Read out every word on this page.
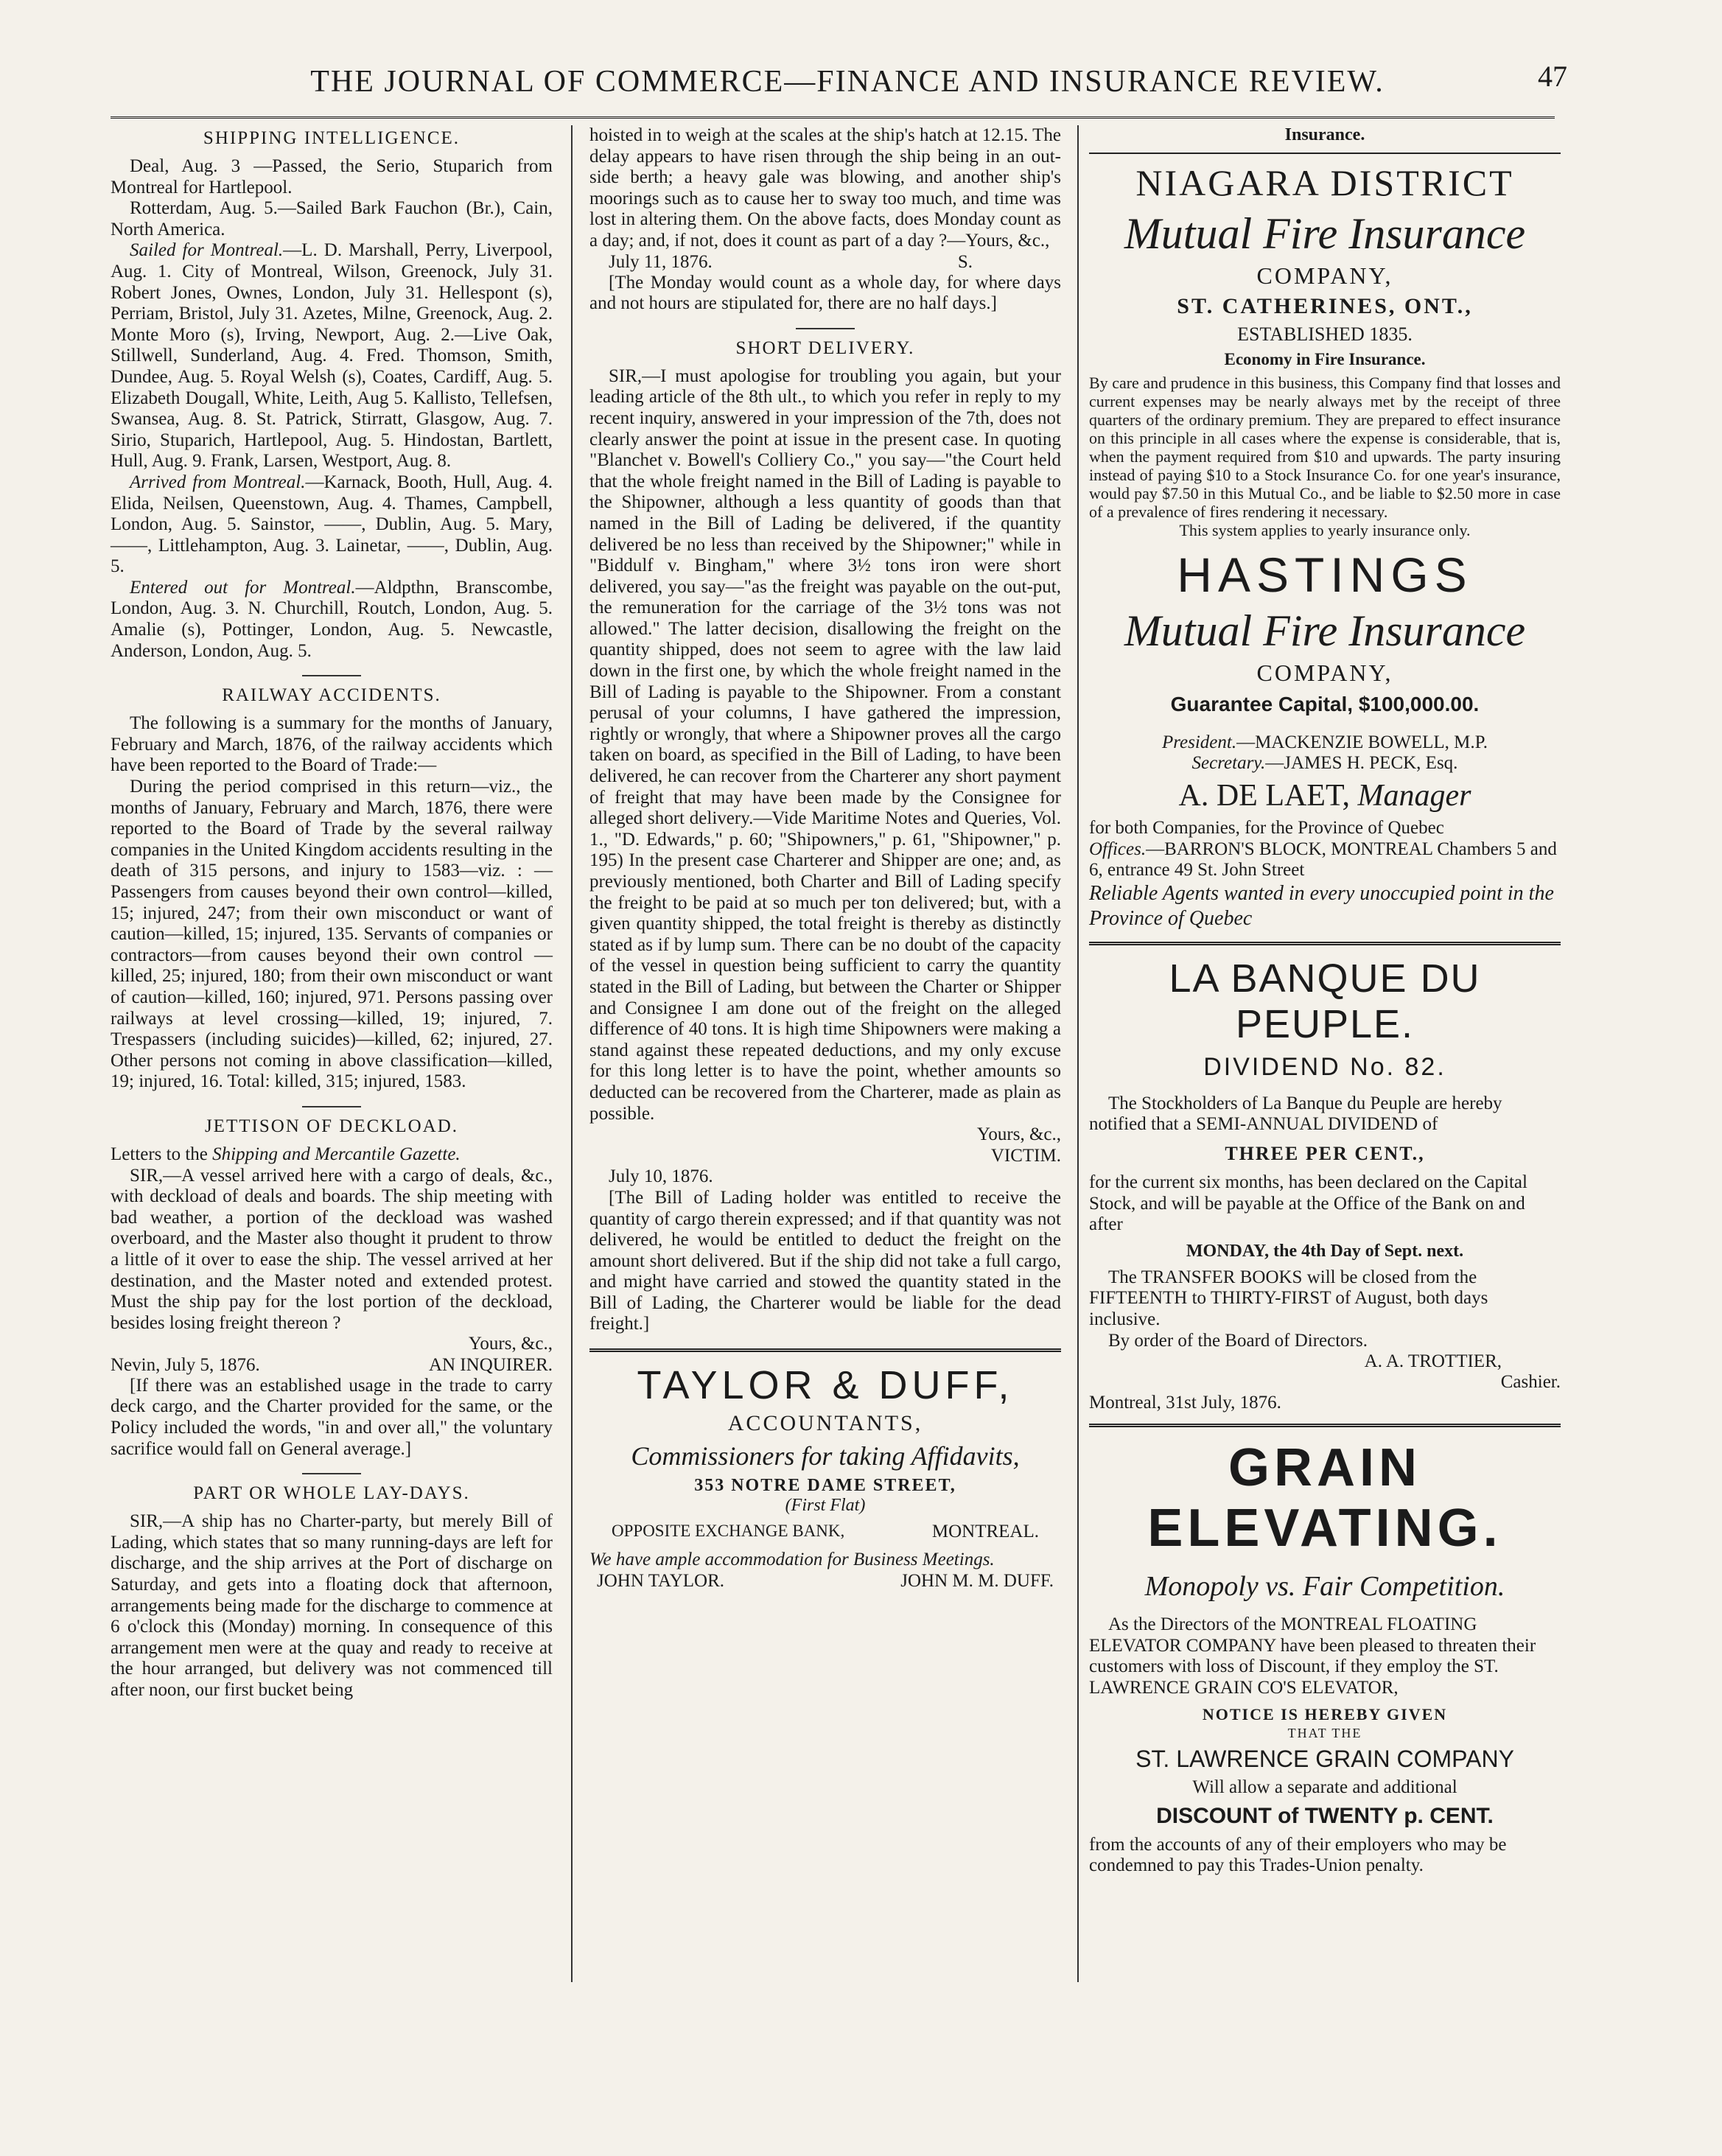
THE JOURNAL OF COMMERCE—FINANCE AND INSURANCE REVIEW.	47
SHIPPING INTELLIGENCE.

Deal, Aug. 3 —Passed, the Serio, Stuparich from Montreal for Hartlepool.

Rotterdam, Aug. 5.—Sailed Bark Fauchon (Br.), Cain, North America.

Sailed for Montreal.—L. D. Marshall, Perry, Liverpool, Aug. 1. City of Montreal, Wilson, Greenock, July 31. Robert Jones, Ownes, London, July 31. Hellespont (s), Perriam, Bristol, July 31. Azetes, Milne, Greenock, Aug. 2. Monte Moro (s), Irving, Newport, Aug. 2.—Live Oak, Stillwell, Sunderland, Aug. 4. Fred. Thomson, Smith, Dundee, Aug. 5. Royal Welsh (s), Coates, Cardiff, Aug. 5. Elizabeth Dougall, White, Leith, Aug 5. Kallisto, Tellefsen, Swansea, Aug. 8. St. Patrick, Stirratt, Glasgow, Aug. 7. Sirio, Stuparich, Hartlepool, Aug. 5. Hindostan, Bartlett, Hull, Aug. 9. Frank, Larsen, Westport, Aug. 8.

Arrived from Montreal.—Karnack, Booth, Hull, Aug. 4. Elida, Neilsen, Queenstown, Aug. 4. Thames, Campbell, London, Aug. 5. Sainstor, ——, Dublin, Aug. 5. Mary, ——, Littlehampton, Aug. 3. Lainetar, ——, Dublin, Aug. 5.

Entered out for Montreal.—Aldpthn, Branscombe, London, Aug. 3. N. Churchill, Routch, London, Aug. 5. Amalie (s), Pottinger, London, Aug. 5. Newcastle, Anderson, London, Aug. 5.

RAILWAY ACCIDENTS.

The following is a summary for the months of January, February and March, 1876, of the railway accidents which have been reported to the Board of Trade:—

During the period comprised in this return—viz., the months of January, February and March, 1876, there were reported to the Board of Trade by the several railway companies in the United Kingdom accidents resulting in the death of 315 persons, and injury to 1583—viz. : —Passengers from causes beyond their own control—killed, 15; injured, 247; from their own misconduct or want of caution—killed, 15; injured, 135. Servants of companies or contractors—from causes beyond their own control —killed, 25; injured, 180; from their own misconduct or want of caution—killed, 160; injured, 971. Persons passing over railways at level crossing—killed, 19; injured, 7. Trespassers (including suicides)—killed, 62; injured, 27. Other persons not coming in above classification—killed, 19; injured, 16. Total: killed, 315; injured, 1583.

JETTISON OF DECKLOAD.

Letters to the Shipping and Mercantile Gazette.

SIR,—A vessel arrived here with a cargo of deals, &c., with deckload of deals and boards. The ship meeting with bad weather, a portion of the deckload was washed overboard, and the Master also thought it prudent to throw a little of it over to ease the ship. The vessel arrived at her destination, and the Master noted and extended protest. Must the ship pay for the lost portion of the deckload, besides losing freight thereon ?

Yours, &c.,

Nevin, July 5, 1876.	AN INQUIRER.

[If there was an established usage in the trade to carry deck cargo, and the Charter provided for the same, or the Policy included the words, "in and over all," the voluntary sacrifice would fall on General average.]

PART OR WHOLE LAY-DAYS.

SIR,—A ship has no Charter-party, but merely Bill of Lading, which states that so many running-days are left for discharge, and the ship arrives at the Port of discharge on Saturday, and gets into a floating dock that afternoon, arrangements being made for the discharge to commence at 6 o'clock this (Monday) morning. In consequence of this arrangement men were at the quay and ready to receive at the hour arranged, but delivery was not commenced till after noon, our first bucket being

hoisted in to weigh at the scales at the ship's hatch at 12.15. The delay appears to have risen through the ship being in an out-side berth; a heavy gale was blowing, and another ship's moorings such as to cause her to sway too much, and time was lost in altering them. On the above facts, does Monday count as a day; and, if not, does it count as part of a day ?—Yours, &c.,

July 11, 1876.	S.

[The Monday would count as a whole day, for where days and not hours are stipulated for, there are no half days.]

SHORT DELIVERY.

SIR,—I must apologise for troubling you again, but your leading article of the 8th ult., to which you refer in reply to my recent inquiry, answered in your impression of the 7th, does not clearly answer the point at issue in the present case. In quoting "Blanchet v. Bowell's Colliery Co.," you say—"the Court held that the whole freight named in the Bill of Lading is payable to the Shipowner, although a less quantity of goods than that named in the Bill of Lading be delivered, if the quantity delivered be no less than received by the Shipowner;" while in "Biddulf v. Bingham," where 3½ tons iron were short delivered, you say—"as the freight was payable on the out-put, the remuneration for the carriage of the 3½ tons was not allowed." The latter decision, disallowing the freight on the quantity shipped, does not seem to agree with the law laid down in the first one, by which the whole freight named in the Bill of Lading is payable to the Shipowner. From a constant perusal of your columns, I have gathered the impression, rightly or wrongly, that where a Shipowner proves all the cargo taken on board, as specified in the Bill of Lading, to have been delivered, he can recover from the Charterer any short payment of freight that may have been made by the Consignee for alleged short delivery.—Vide Maritime Notes and Queries, Vol. 1., "D. Edwards," p. 60; "Shipowners," p. 61, "Shipowner," p. 195) In the present case Charterer and Shipper are one; and, as previously mentioned, both Charter and Bill of Lading specify the freight to be paid at so much per ton delivered; but, with a given quantity shipped, the total freight is thereby as distinctly stated as if by lump sum. There can be no doubt of the capacity of the vessel in question being sufficient to carry the quantity stated in the Bill of Lading, but between the Charter or Shipper and Consignee I am done out of the freight on the alleged difference of 40 tons. It is high time Shipowners were making a stand against these repeated deductions, and my only excuse for this long letter is to have the point, whether amounts so deducted can be recovered from the Charterer, made as plain as possible.

Yours, &c.,

VICTIM.

July 10, 1876.

[The Bill of Lading holder was entitled to receive the quantity of cargo therein expressed; and if that quantity was not delivered, he would be entitled to deduct the freight on the amount short delivered. But if the ship did not take a full cargo, and might have carried and stowed the quantity stated in the Bill of Lading, the Charterer would be liable for the dead freight.]

TAYLOR & DUFF,
ACCOUNTANTS,
Commissioners for taking Affidavits,
353 NOTRE DAME STREET,
(First Flat)
OPPOSITE EXCHANGE BANK,	MONTREAL.

We have ample accommodation for Business Meetings.

JOHN TAYLOR.	JOHN M. M. DUFF.
Insurance.
NIAGARA DISTRICT
Mutual Fire Insurance
COMPANY,
ST. CATHERINES, ONT.,
ESTABLISHED 1835.
Economy in Fire Insurance.

By care and prudence in this business, this Company find that losses and current expenses may be nearly always met by the receipt of three quarters of the ordinary premium. They are prepared to effect insurance on this principle in all cases where the expense is considerable, that is, when the payment required from $10 and upwards. The party insuring instead of paying $10 to a Stock Insurance Co. for one year's insurance, would pay $7.50 in this Mutual Co., and be liable to $2.50 more in case of a prevalence of fires rendering it necessary.

This system applies to yearly insurance only.
HASTINGS
Mutual Fire Insurance
COMPANY,
Guarantee Capital, $100,000.00.
President.—MACKENZIE BOWELL, M.P.
Secretary.—JAMES H. PECK, Esq.
A. DE LAET, Manager

for both Companies, for the Province of Quebec

Offices.—BARRON'S BLOCK, MONTREAL Chambers 5 and 6, entrance 49 St. John Street

Reliable Agents wanted in every unoccupied point in the Province of Quebec

LA BANQUE DU PEUPLE.
DIVIDEND No. 82.

The Stockholders of La Banque du Peuple are hereby notified that a SEMI-ANNUAL DIVIDEND of

THREE PER CENT.,

for the current six months, has been declared on the Capital Stock, and will be payable at the Office of the Bank on and after

MONDAY, the 4th Day of Sept. next.

The TRANSFER BOOKS will be closed from the FIFTEENTH to THIRTY-FIRST of August, both days inclusive.

By order of the Board of Directors.

A. A. TROTTIER,
Cashier.
Montreal, 31st July, 1876.
GRAIN ELEVATING.
Monopoly vs. Fair Competition.

As the Directors of the MONTREAL FLOATING ELEVATOR COMPANY have been pleased to threaten their customers with loss of Discount, if they employ the ST. LAWRENCE GRAIN CO'S ELEVATOR,

NOTICE IS HEREBY GIVEN
THAT THE
ST. LAWRENCE GRAIN COMPANY
Will allow a separate and additional
DISCOUNT of TWENTY p. CENT.

from the accounts of any of their employers who may be condemned to pay this Trades-Union penalty.
